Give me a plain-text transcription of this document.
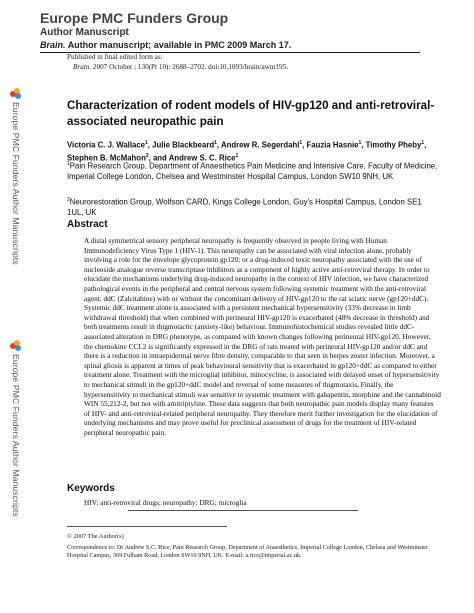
Europe PMC Funders Group
Author Manuscript
Brain. Author manuscript; available in PMC 2009 March 17.
Published in final edited form as:
Brain. 2007 October ; 130(Pt 10): 2688–2702. doi:10.1093/brain/awm195.
Europe PMC Funders Author Manuscripts
Europe PMC Funders Author Manuscripts
Characterization of rodent models of HIV-gp120 and anti-retroviral-associated neuropathic pain
Victoria C. J. Wallace$^1$, Julie Blackbeard$^1$, Andrew R. Segerdahl$^1$, Fauzia Hasnie$^1$, Timothy Pheby$^1$, Stephen B. McMahon$^2$, and Andrew S. C. Rice$^1$
$^1$Pain Research Group, Department of Anaesthetics Pain Medicine and Intensive Care, Faculty of Medicine, Imperial College London, Chelsea and Westminster Hospital Campus, London SW10 9NH, UK
$^2$Neurorestoration Group, Wolfson CARD, Kings College London, Guy's Hospital Campus, London SE1 1UL, UK
Abstract
A distal symmetrical sensory peripheral neuropathy is frequently observed in people living with Human Immunodeficiency Virus Type 1 (HIV-1). This neuropathy can be associated with viral infection alone, probably involving a role for the envelope glycoprotein gp120; or a drug-induced toxic neuropathy associated with the use of nucleoside analogue reverse transcriptase inhibitors as a component of highly active anti-retroviral therapy. In order to elucidate the mechanisms underlying drug-induced neuropathy in the context of HIV infection, we have characterized pathological events in the peripheral and central nervous system following systemic treatment with the anti-retroviral agent, ddC (Zalcitabine) with or without the concomitant delivery of HIV-gp120 to the rat sciatic nerve (gp120+ddC). Systemic ddC treatment alone is associated with a persistent mechanical hypersensitivity (33% decrease in limb withdrawal threshold) that when combined with perineural HIV-gp120 is exacerbated (48% decrease in threshold) and both treatments result in thigmotactic (anxiety-like) behaviour. Immunohistochemical studies revealed little ddC-associated alteration in DRG phenotype, as compared with known changes following perineural HIV-gp120. However, the chemokine CCL2 is significantly expressed in the DRG of rats treated with perineural HIV-gp120 and/or ddC and there is a reduction in intraepidermal nerve fibre density, comparable to that seen in herpes zoster infection. Moreover, a spinal gliosis is apparent at times of peak behavioural sensitivity that is exacerbated in gp120+ddC as compared to either treatment alone. Treatment with the microglial inhibitor, minocycline, is associated with delayed onset of hypersensitivity to mechanical stimuli in the gp120+ddC model and reversal of some measures of thigmotaxis. Finally, the hypersensitivity to mechanical stimuli was sensitive to systemic treatment with gabapentin, morphine and the cannabinoid WIN 55,212-2, but not with amitriptyline. These data suggests that both neuropathic pain models display many features of HIV- and anti-retroviral-related peripheral neuropathy. They therefore merit further investigation for the elucidation of underlying mechanisms and may prove useful for preclinical assessment of drugs for the treatment of HIV-related peripheral neuropathic pain.
Keywords
HIV; anti-retroviral drugs; neuropathy; DRG; microglia
© 2007 The Author(s)
Correspondence to: Dr Andrew S.C. Rice, Pain Research Group, Department of Anaesthetics, Imperial College London, Chelsea and Westminster Hospital Campus, 369 Fulham Road, London SW10 9NH, UK. E-mail: a.rice@imperial.ac.uk.
